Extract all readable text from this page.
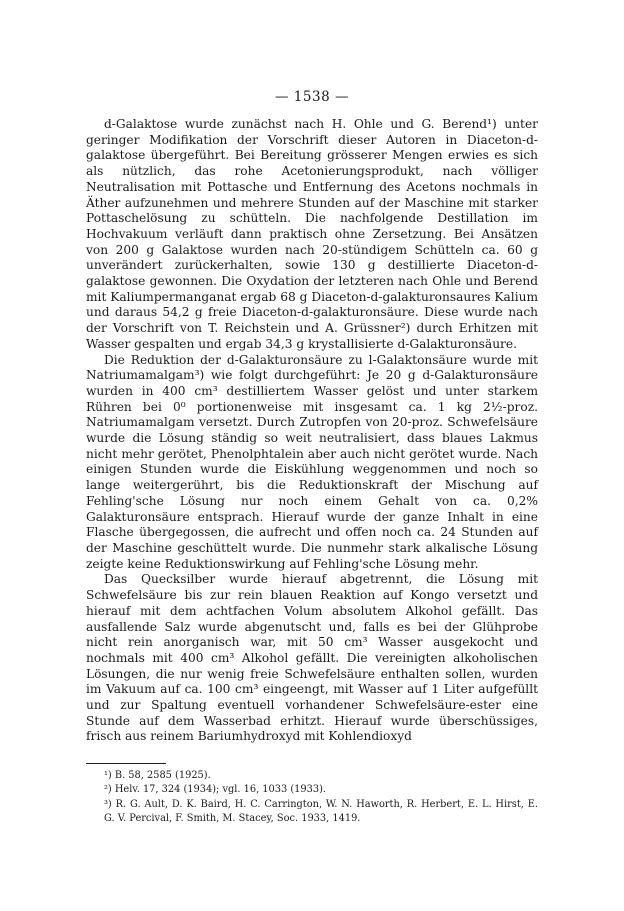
— 1538 —

d-Galaktose wurde zunächst nach H. Ohle und G. Berend¹) unter geringer Modifikation der Vorschrift dieser Autoren in Diaceton-d-galaktose übergeführt. Bei Bereitung grösserer Mengen erwies es sich als nützlich, das rohe Acetonierungsprodukt, nach völliger Neutralisation mit Pottasche und Entfernung des Acetons nochmals in Äther aufzunehmen und mehrere Stunden auf der Maschine mit starker Pottaschelösung zu schütteln. Die nachfolgende Destillation im Hochvakuum verläuft dann praktisch ohne Zersetzung. Bei Ansätzen von 200 g Galaktose wurden nach 20-stündigem Schütteln ca. 60 g unverändert zurückerhalten, sowie 130 g destillierte Diaceton-d-galaktose gewonnen. Die Oxydation der letzteren nach Ohle und Berend mit Kaliumpermanganat ergab 68 g Diaceton-d-galakturonsaures Kalium und daraus 54,2 g freie Diaceton-d-galakturonsäure. Diese wurde nach der Vorschrift von T. Reichstein und A. Grüssner²) durch Erhitzen mit Wasser gespalten und ergab 34,3 g krystallisierte d-Galakturonsäure.

Die Reduktion der d-Galakturonsäure zu l-Galaktonsäure wurde mit Natriumamalgam³) wie folgt durchgeführt: Je 20 g d-Galakturonsäure wurden in 400 cm³ destilliertem Wasser gelöst und unter starkem Rühren bei 0⁰ portionenweise mit insgesamt ca. 1 kg 2½-proz. Natriumamalgam versetzt. Durch Zutropfen von 20-proz. Schwefelsäure wurde die Lösung ständig so weit neutralisiert, dass blaues Lakmus nicht mehr gerötet, Phenolphtalein aber auch nicht gerötet wurde. Nach einigen Stunden wurde die Eiskühlung weggenommen und noch so lange weitergerührt, bis die Reduktionskraft der Mischung auf Fehling'sche Lösung nur noch einem Gehalt von ca. 0,2% Galakturonsäure entsprach. Hierauf wurde der ganze Inhalt in eine Flasche übergegossen, die aufrecht und offen noch ca. 24 Stunden auf der Maschine geschüttelt wurde. Die nunmehr stark alkalische Lösung zeigte keine Reduktionswirkung auf Fehling'sche Lösung mehr.

Das Quecksilber wurde hierauf abgetrennt, die Lösung mit Schwefelsäure bis zur rein blauen Reaktion auf Kongo versetzt und hierauf mit dem achtfachen Volum absolutem Alkohol gefällt. Das ausfallende Salz wurde abgenutscht und, falls es bei der Glühprobe nicht rein anorganisch war, mit 50 cm³ Wasser ausgekocht und nochmals mit 400 cm³ Alkohol gefällt. Die vereinigten alkoholischen Lösungen, die nur wenig freie Schwefelsäure enthalten sollen, wurden im Vakuum auf ca. 100 cm³ eingeengt, mit Wasser auf 1 Liter aufgefüllt und zur Spaltung eventuell vorhandener Schwefelsäure-ester eine Stunde auf dem Wasserbad erhitzt. Hierauf wurde überschüssiges, frisch aus reinem Bariumhydroxyd mit Kohlendioxyd

¹) B. 58, 2585 (1925).

²) Helv. 17, 324 (1934); vgl. 16, 1033 (1933).

³) R. G. Ault, D. K. Baird, H. C. Carrington, W. N. Haworth, R. Herbert, E. L. Hirst, E. G. V. Percival, F. Smith, M. Stacey, Soc. 1933, 1419.
